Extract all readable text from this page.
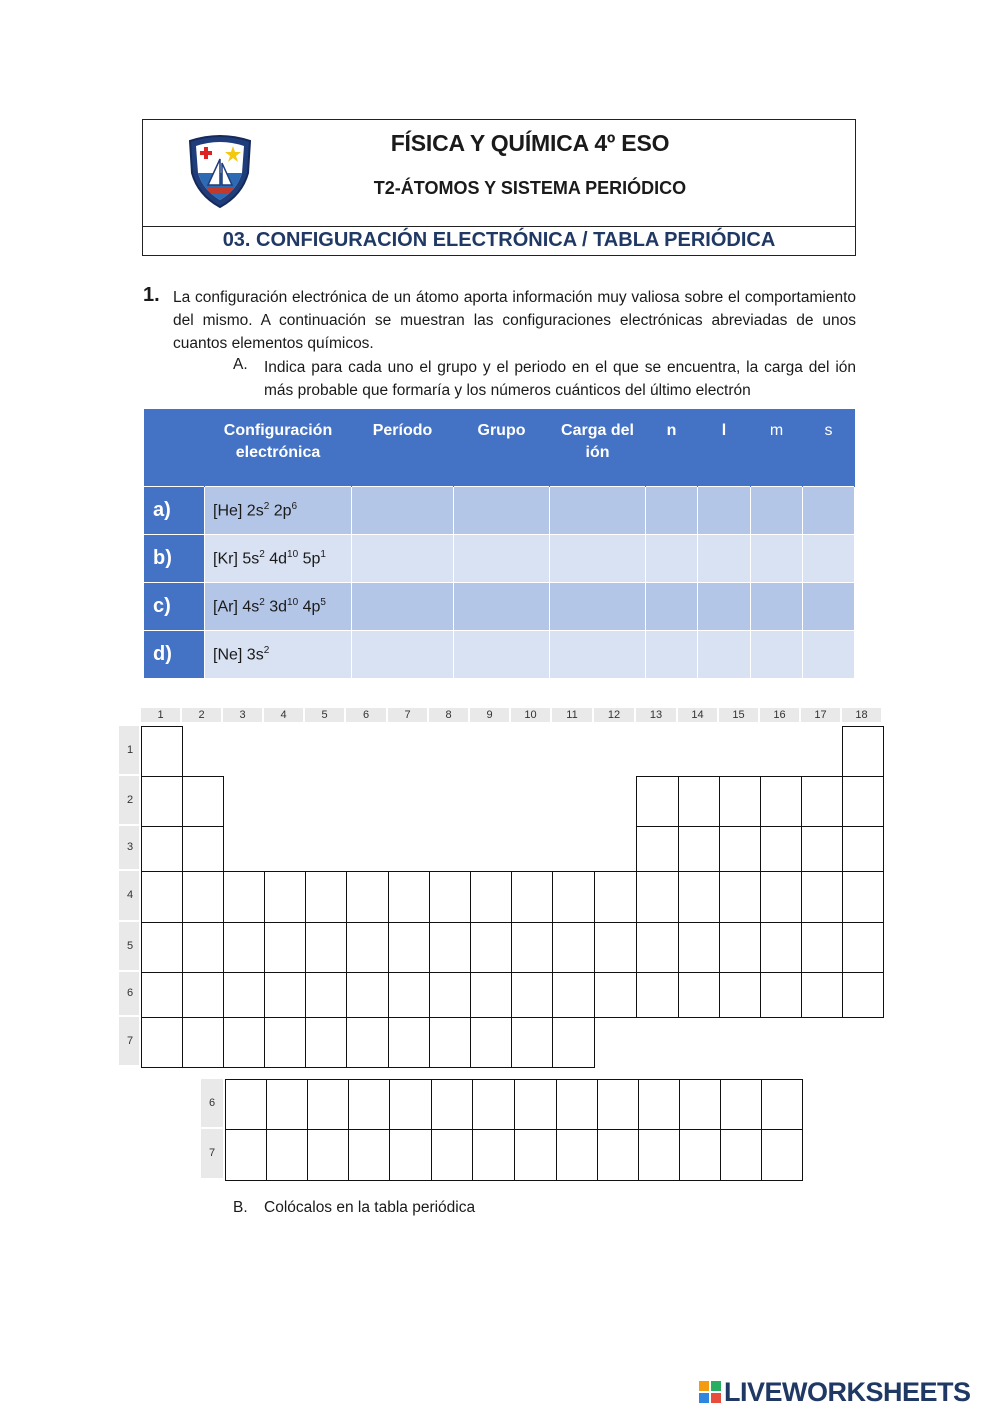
FÍSICA Y QUÍMICA 4º ESO
T2-ÁTOMOS Y SISTEMA PERIÓDICO
03. CONFIGURACIÓN ELECTRÓNICA / TABLA PERIÓDICA
1. La configuración electrónica de un átomo aporta información muy valiosa sobre el comportamiento del mismo. A continuación se muestran las configuraciones electrónicas abreviadas de unos cuantos elementos químicos.
A. Indica para cada uno el grupo y el periodo en el que se encuentra, la carga del ión más probable que formaría y los números cuánticos del último electrón
	Configuración electrónica	Período	Grupo	Carga del ión	n	l	m	s
a)	[He] $2s^2$ $2p^6$							
b)	[Kr] $5s^2$ $4d^{10}$ $5p^1$							
c)	[Ar] $4s^2$ $3d^{10}$ $4p^5$							
d)	[Ne] $3s^2$							
1	2	3	4	5	6	7	8	9	10	11	12	13	14	15	16	17	18
1
2
3
4
5
6
7
6
7
B. Colócalos en la tabla periódica
LIVEWORKSHEETS
